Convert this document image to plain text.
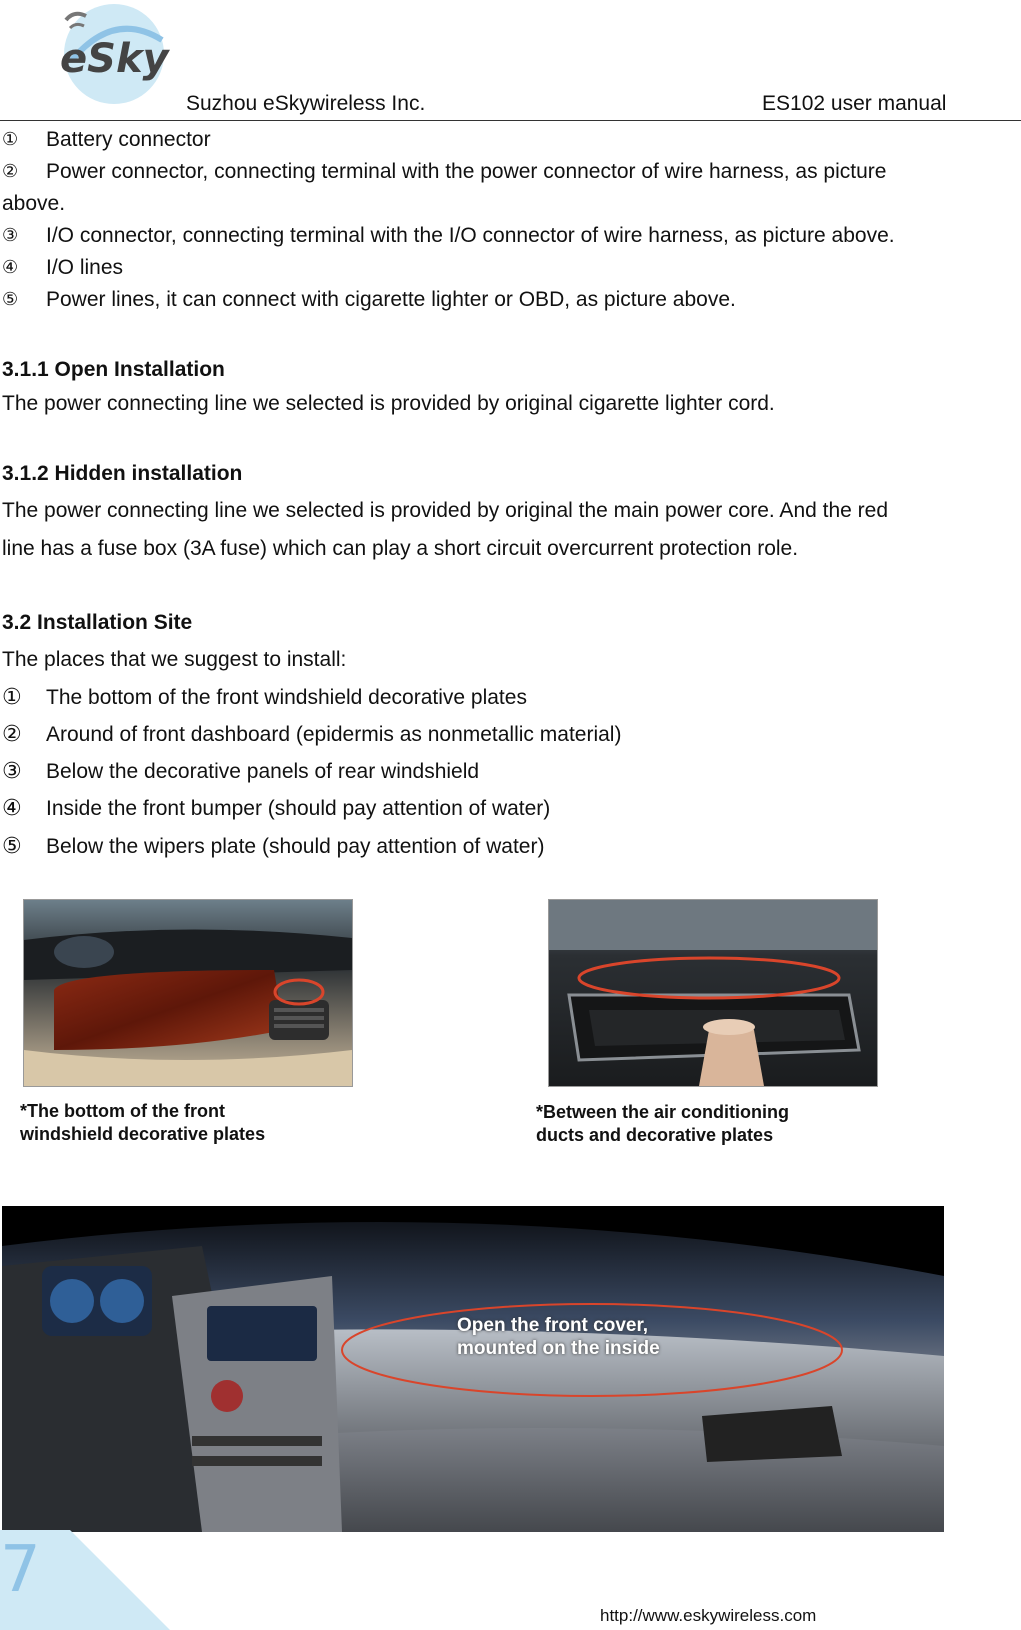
eSky
Suzhou eSkywireless Inc.	ES102 user manual
① Battery connector
② Power connector, connecting terminal with the power connector of wire harness, as picture
above.
③ I/O connector, connecting terminal with the I/O connector of wire harness, as picture above.
④ I/O lines
⑤ Power lines, it can connect with cigarette lighter or OBD, as picture above.
3.1.1 Open Installation
The power connecting line we selected is provided by original cigarette lighter cord.
3.1.2 Hidden installation
The power connecting line we selected is provided by original the main power core. And the red
line has a fuse box (3A fuse) which can play a short circuit overcurrent protection role.
3.2 Installation Site
The places that we suggest to install:
① The bottom of the front windshield decorative plates
② Around of front dashboard (epidermis as nonmetallic material)
③ Below the decorative panels of rear windshield
④ Inside the front bumper (should pay attention of water)
⑤ Below the wipers plate (should pay attention of water)
*The bottom of the front
windshield decorative plates
*Between the air conditioning
ducts and decorative plates
Open the front cover,
mounted on the inside
7
http://www.eskywireless.com
